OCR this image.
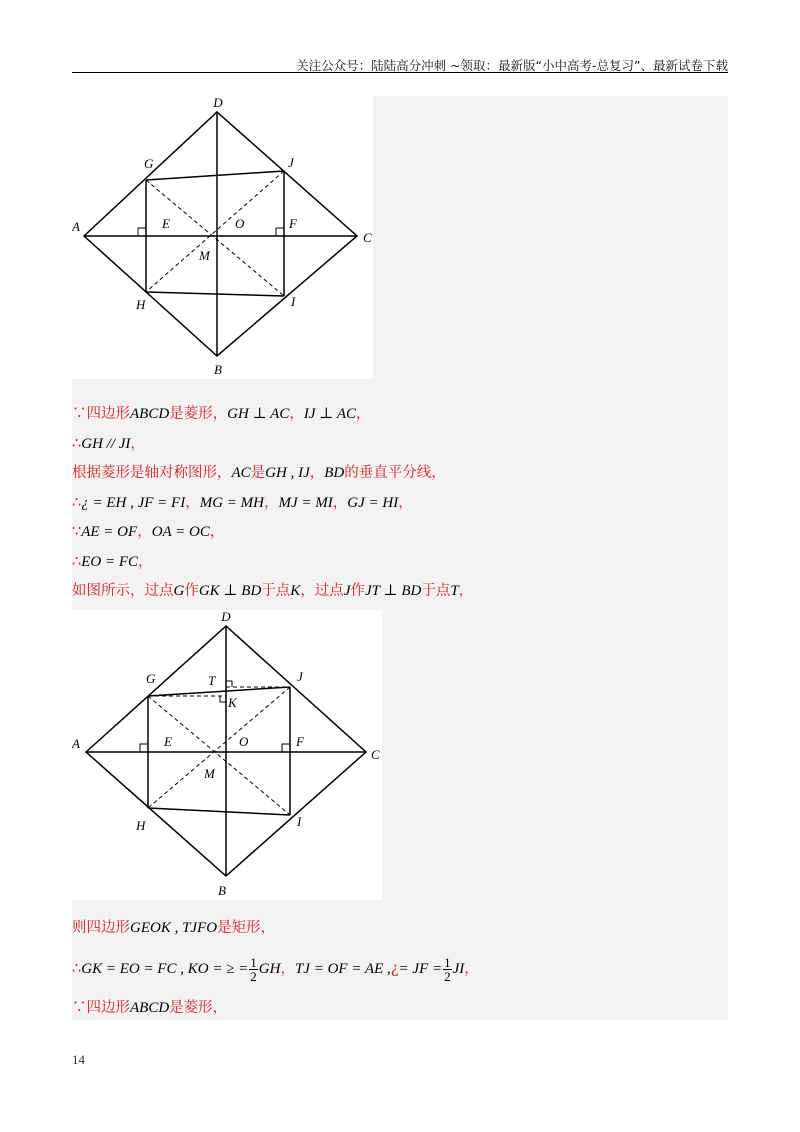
关注公众号：陆陆高分冲刺 ~领取：最新版“小中高考-总复习”、最新试卷下载
D
G	J
A	E	O	F
C
M
H	I
B
∵四边形ABCD是菱形，GH ⊥ AC，IJ ⊥ AC，
∴GH // JI，
根据菱形是轴对称图形，AC是GH , IJ，BD的垂直平分线，
∴¿ = EH , JF = FI，MG = MH，MJ = MI，GJ = HI，
∵AE = OF，OA = OC，
∴EO = FC，
如图所示，过点G作GK ⊥ BD于点K，过点J作JT ⊥ BD于点T，
D
G	T	J
K
A	E	O	F
C
M
H	I
B
则四边形GEOK , TJFO是矩形，
∴GK = EO = FC , KO = ≥ = $\frac{1}{2}$ GH，TJ = OF = AE ,¿= JF = $\frac{1}{2}$ JI，
∵四边形ABCD是菱形，
14
